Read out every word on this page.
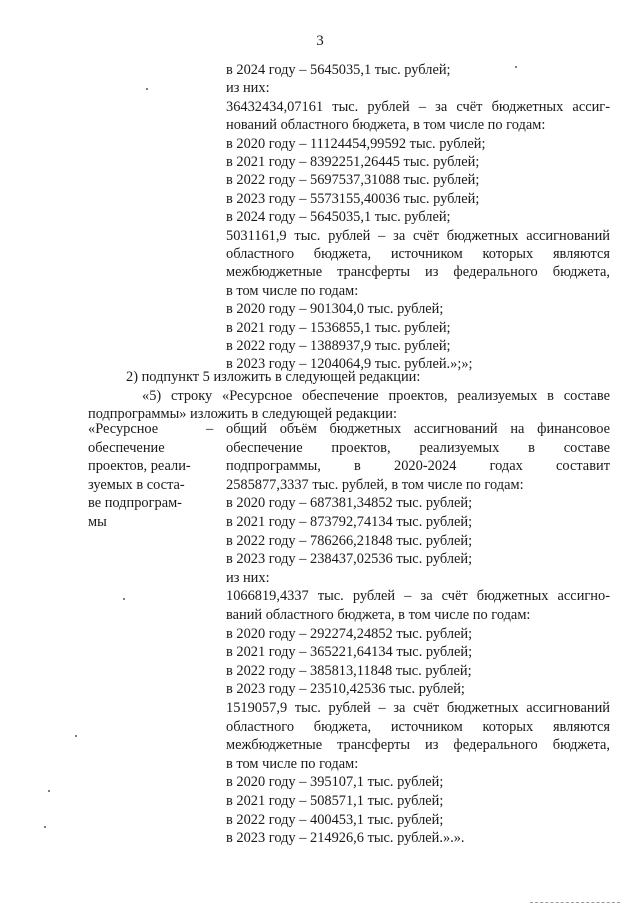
3
в 2024 году – 5645035,1 тыс. рублей;
из них:
36432434,07161 тыс. рублей – за счёт бюджетных ассиг-
нований областного бюджета, в том числе по годам:
в 2020 году – 11124454,99592 тыс. рублей;
в 2021 году – 8392251,26445 тыс. рублей;
в 2022 году – 5697537,31088 тыс. рублей;
в 2023 году – 5573155,40036 тыс. рублей;
в 2024 году – 5645035,1 тыс. рублей;
5031161,9 тыс. рублей – за счёт бюджетных ассигнований
областного бюджета, источником которых являются
межбюджетные трансферты из федерального бюджета,
в том числе по годам:
в 2020 году – 901304,0 тыс. рублей;
в 2021 году – 1536855,1 тыс. рублей;
в 2022 году – 1388937,9 тыс. рублей;
в 2023 году – 1204064,9 тыс. рублей.»;»;
2) подпункт 5 изложить в следующей редакции:
«5) строку «Ресурсное обеспечение проектов, реализуемых в составе
подпрограммы» изложить в следующей редакции:
«Ресурсное
обеспечение
проектов, реали-
зуемых в соста-
ве подпрограм-
мы
– общий объём бюджетных ассигнований на финансовое
обеспечение проектов, реализуемых в составе
подпрограммы, в 2020-2024 годах составит
2585877,3337 тыс. рублей, в том числе по годам:
в 2020 году – 687381,34852 тыс. рублей;
в 2021 году – 873792,74134 тыс. рублей;
в 2022 году – 786266,21848 тыс. рублей;
в 2023 году – 238437,02536 тыс. рублей;
из них:
1066819,4337 тыс. рублей – за счёт бюджетных ассигно-
ваний областного бюджета, в том числе по годам:
в 2020 году – 292274,24852 тыс. рублей;
в 2021 году – 365221,64134 тыс. рублей;
в 2022 году – 385813,11848 тыс. рублей;
в 2023 году – 23510,42536 тыс. рублей;
1519057,9 тыс. рублей – за счёт бюджетных ассигнований
областного бюджета, источником которых являются
межбюджетные трансферты из федерального бюджета,
в том числе по годам:
в 2020 году – 395107,1 тыс. рублей;
в 2021 году – 508571,1 тыс. рублей;
в 2022 году – 400453,1 тыс. рублей;
в 2023 году – 214926,6 тыс. рублей.».».
